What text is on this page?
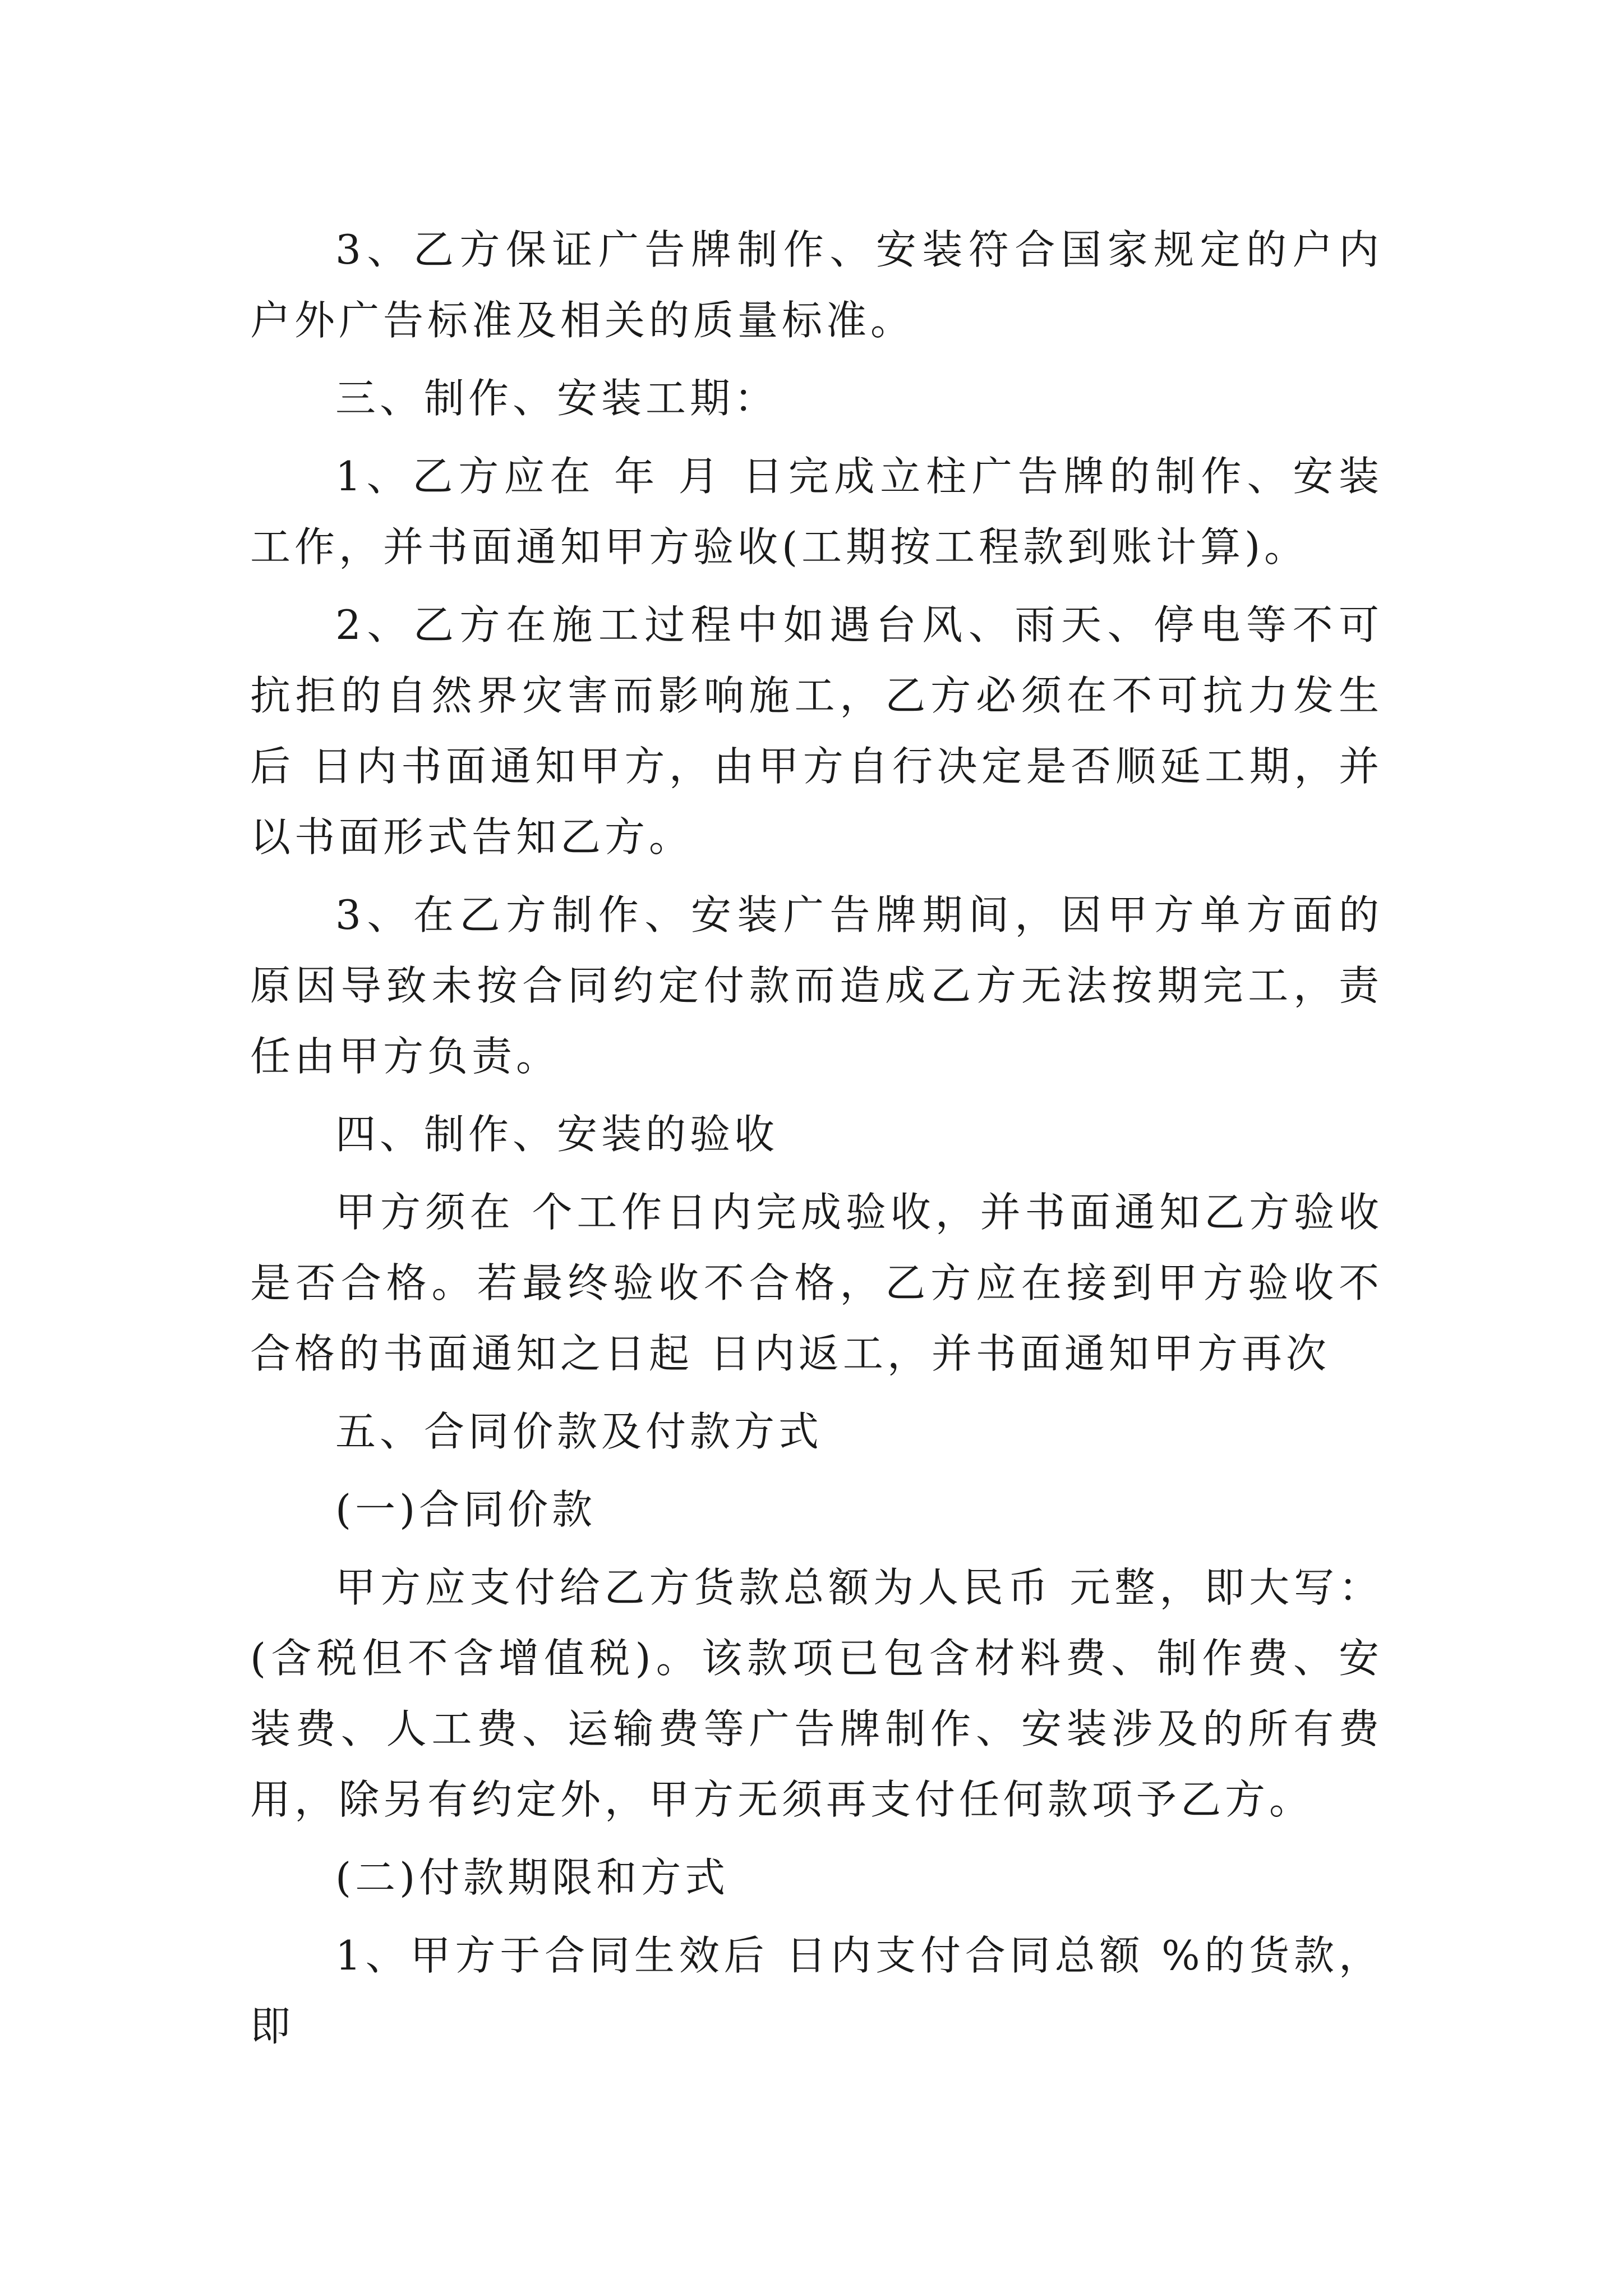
3、乙方保证广告牌制作、安装符合国家规定的户内户外广告标准及相关的质量标准。

三、制作、安装工期：

1、乙方应在 年 月 日完成立柱广告牌的制作、安装工作，并书面通知甲方验收(工期按工程款到账计算)。

2、乙方在施工过程中如遇台风、雨天、停电等不可抗拒的自然界灾害而影响施工，乙方必须在不可抗力发生后 日内书面通知甲方，由甲方自行决定是否顺延工期，并以书面形式告知乙方。

3、在乙方制作、安装广告牌期间，因甲方单方面的原因导致未按合同约定付款而造成乙方无法按期完工，责任由甲方负责。

四、制作、安装的验收

甲方须在 个工作日内完成验收，并书面通知乙方验收是否合格。若最终验收不合格，乙方应在接到甲方验收不合格的书面通知之日起 日内返工，并书面通知甲方再次

五、合同价款及付款方式

(一)合同价款

甲方应支付给乙方货款总额为人民币 元整，即大写：(含税但不含增值税)。该款项已包含材料费、制作费、安装费、人工费、运输费等广告牌制作、安装涉及的所有费用，除另有约定外，甲方无须再支付任何款项予乙方。

(二)付款期限和方式

1、甲方于合同生效后 日内支付合同总额 %的货款，即
